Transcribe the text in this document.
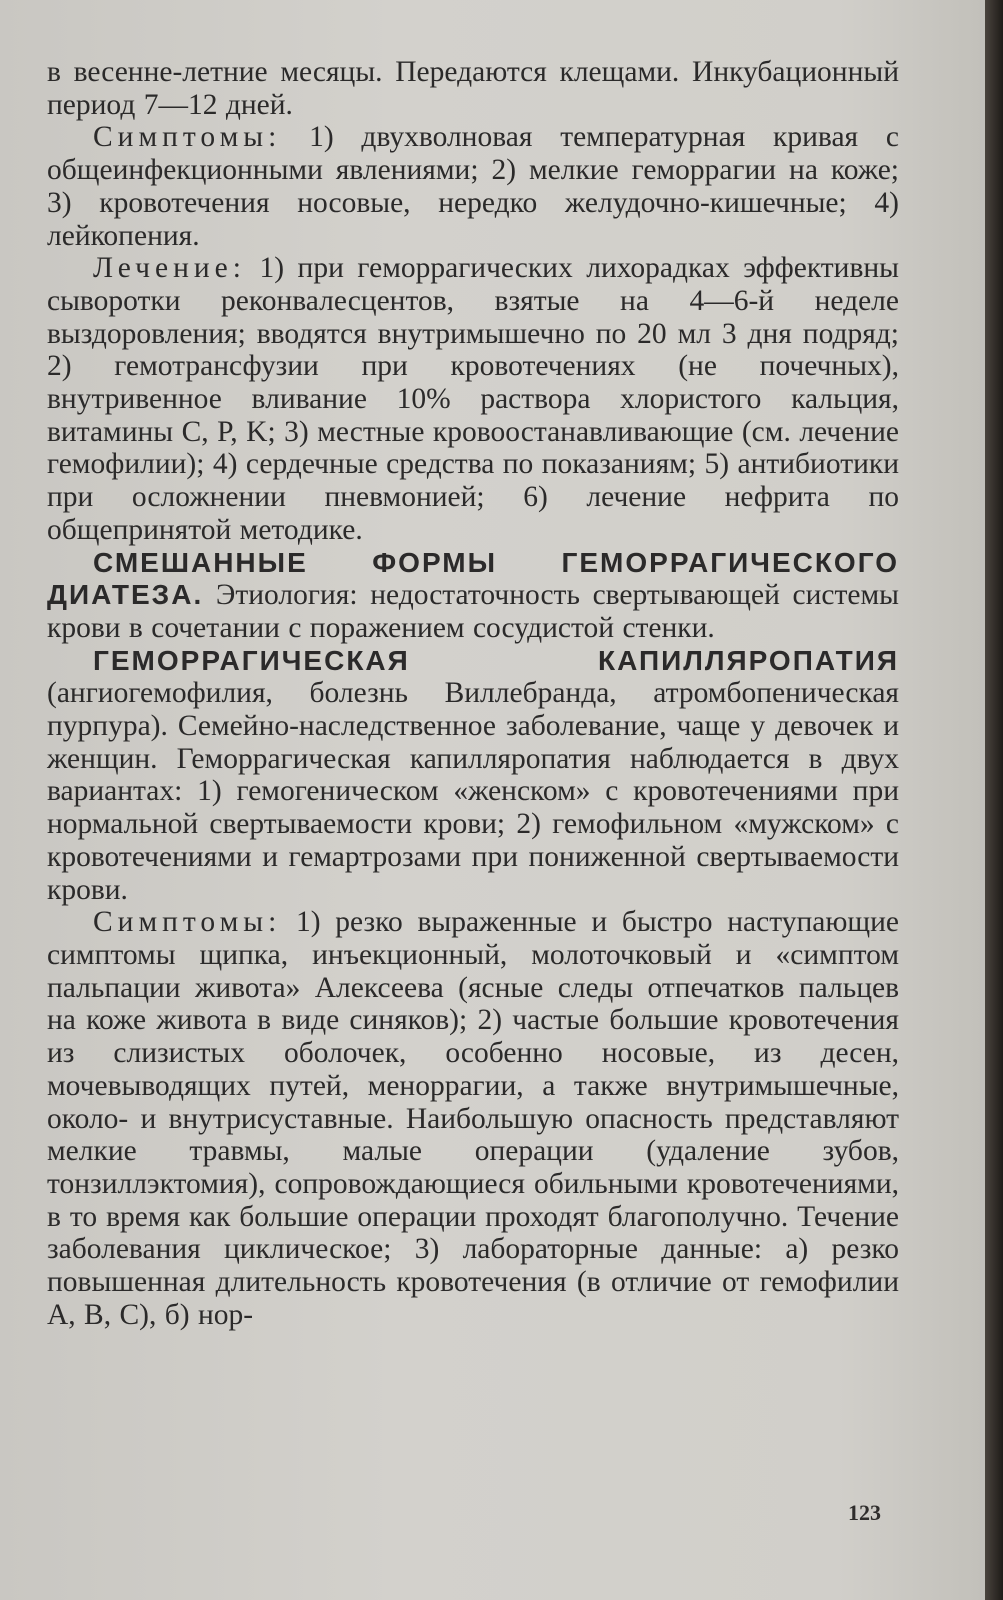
в весенне-летние месяцы. Передаются клещами. Инкубационный период 7—12 дней.

Симптомы: 1) двухволновая температурная кривая с общеинфекционными явлениями; 2) мелкие геморрагии на коже; 3) кровотечения носовые, нередко желудочно-кишечные; 4) лейкопения.

Лечение: 1) при геморрагических лихорадках эффективны сыворотки реконвалесцентов, взятые на 4—6-й неделе выздоровления; вводятся внутримышечно по 20 мл 3 дня подряд; 2) гемотрансфузии при кровотечениях (не почечных), внутривенное вливание 10% раствора хлористого кальция, витамины C, P, K; 3) местные кровоостанавливающие (см. лечение гемофилии); 4) сердечные средства по показаниям; 5) антибиотики при осложнении пневмонией; 6) лечение нефрита по общепринятой методике.

СМЕШАННЫЕ ФОРМЫ ГЕМОРРАГИЧЕСКОГО ДИАТЕЗА. Этиология: недостаточность свертывающей системы крови в сочетании с поражением сосудистой стенки.

ГЕМОРРАГИЧЕСКАЯ КАПИЛЛЯРОПАТИЯ (ангиогемофилия, болезнь Виллебранда, атромбопеническая пурпура). Семейно-наследственное заболевание, чаще у девочек и женщин. Геморрагическая капилляропатия наблюдается в двух вариантах: 1) гемогеническом «женском» с кровотечениями при нормальной свертываемости крови; 2) гемофильном «мужском» с кровотечениями и гемартрозами при пониженной свертываемости крови.

Симптомы: 1) резко выраженные и быстро наступающие симптомы щипка, инъекционный, молоточковый и «симптом пальпации живота» Алексеева (ясные следы отпечатков пальцев на коже живота в виде синяков); 2) частые большие кровотечения из слизистых оболочек, особенно носовые, из десен, мочевыводящих путей, меноррагии, а также внутримышечные, около- и внутрисуставные. Наибольшую опасность представляют мелкие травмы, малые операции (удаление зубов, тонзиллэктомия), сопровождающиеся обильными кровотечениями, в то время как большие операции проходят благополучно. Течение заболевания циклическое; 3) лабораторные данные: а) резко повышенная длительность кровотечения (в отличие от гемофилии А, В, С), б) нор-

123
